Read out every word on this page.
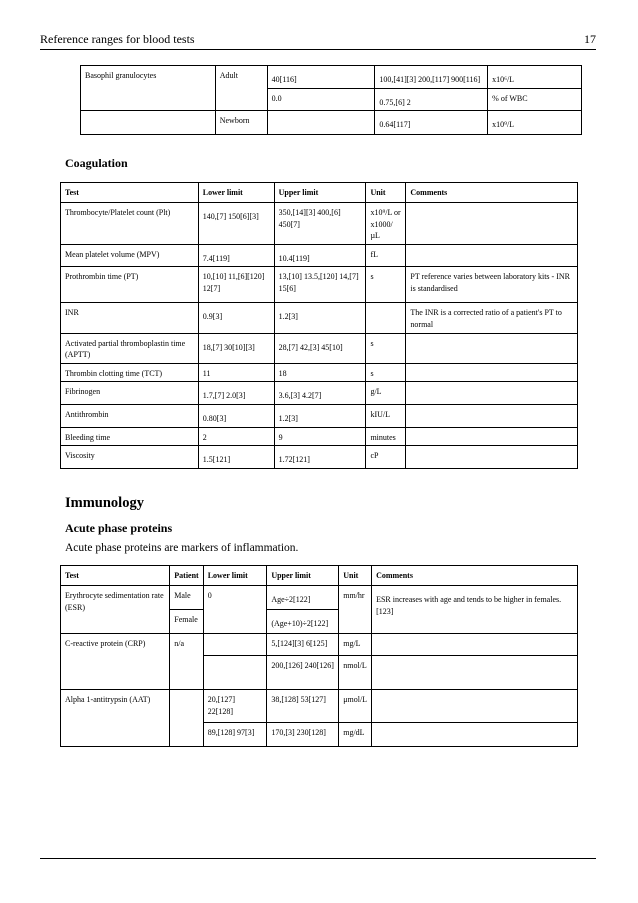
Reference ranges for blood tests	17
Basophil granulocytes	Adult	40[116]	100,[41][3] 200,[117] 900[116]	x10⁶/L
		0.0	0.75,[6] 2	% of WBC
	Newborn		0.64[117]	x10⁹/L
Coagulation
Test	Lower limit	Upper limit	Unit	Comments
Thrombocyte/Platelet count (Plt)	140,[7] 150[6][3]	350,[14][3] 400,[6] 450[7]	x10⁹/L or x1000/µL	
Mean platelet volume (MPV)	7.4[119]	10.4[119]	fL	
Prothrombin time (PT)	10,[10] 11,[6][120] 12[7]	13,[10] 13.5,[120] 14,[7] 15[6]	s	PT reference varies between laboratory kits - INR is standardised
INR	0.9[3]	1.2[3]		The INR is a corrected ratio of a patient's PT to normal
Activated partial thromboplastin time (APTT)	18,[7] 30[10][3]	28,[7] 42,[3] 45[10]	s	
Thrombin clotting time (TCT)	11	18	s	
Fibrinogen	1.7,[7] 2.0[3]	3.6,[3] 4.2[7]	g/L	
Antithrombin	0.80[3]	1.2[3]	kIU/L	
Bleeding time	2	9	minutes	
Viscosity	1.5[121]	1.72[121]	cP	
Immunology
Acute phase proteins
Acute phase proteins are markers of inflammation.
Test	Patient	Lower limit	Upper limit	Unit	Comments
Erythrocyte sedimentation rate (ESR)	Male	0	Age÷2[122]	mm/hr	ESR increases with age and tends to be higher in females.[123]
	Female		(Age+10)÷2[122]		
C-reactive protein (CRP)	n/a		5,[124][3] 6[125]	mg/L	
			200,[126] 240[126]	nmol/L	
Alpha 1-antitrypsin (AAT)		20,[127] 22[128]	38,[128] 53[127]	μmol/L	
		89,[128] 97[3]	170,[3] 230[128]	mg/dL	
